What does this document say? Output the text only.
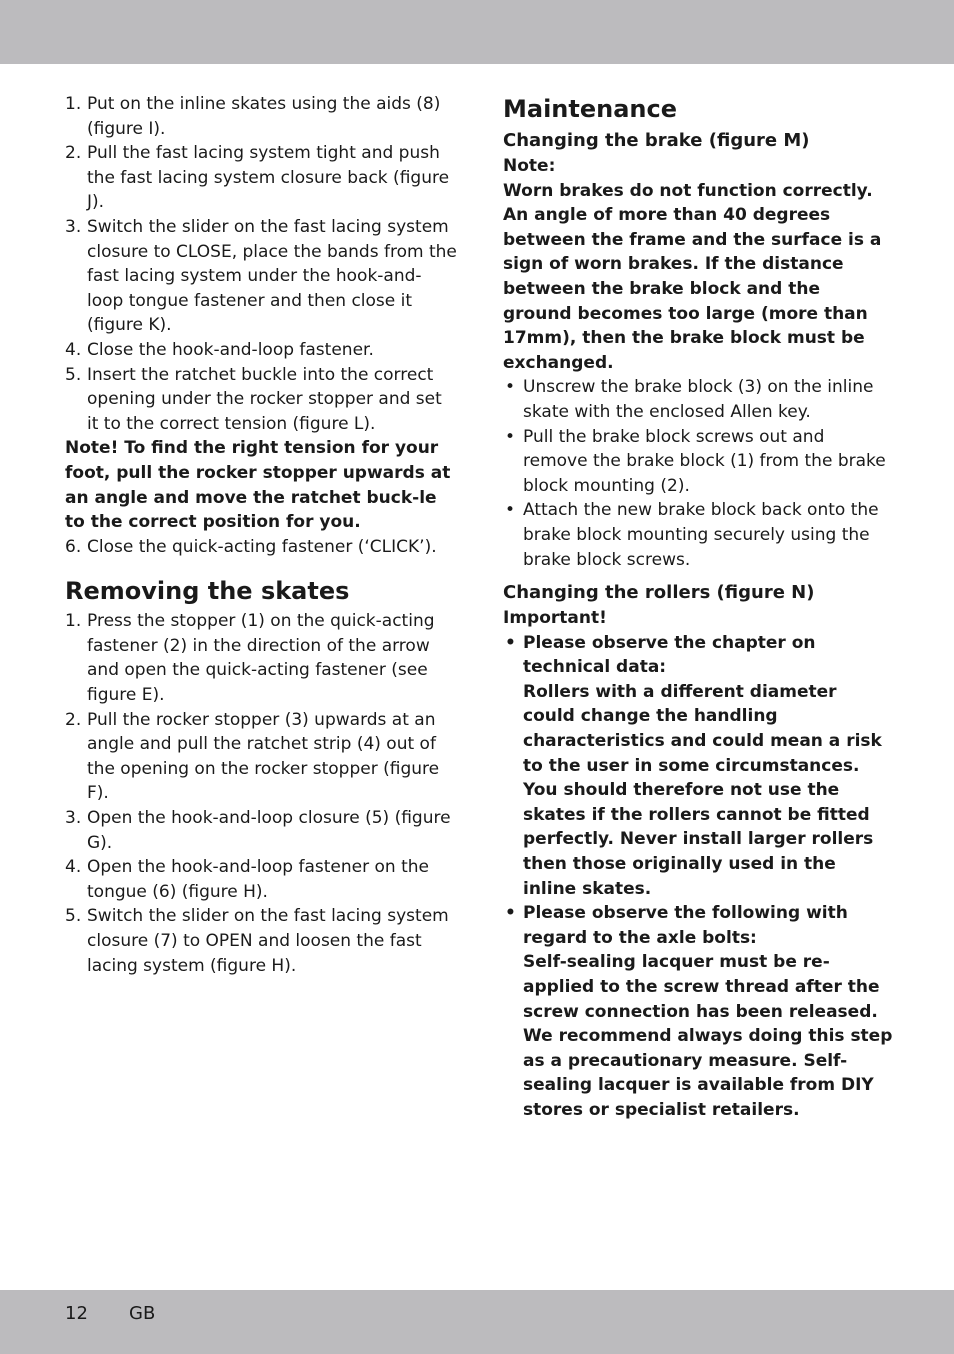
1. Put on the inline skates using the aids (8) (figure I).
2. Pull the fast lacing system tight and push the fast lacing system closure back (figure J).
3. Switch the slider on the fast lacing system closure to CLOSE, place the bands from the fast lacing system under the hook-and-loop tongue fastener and then close it (figure K).
4. Close the hook-and-loop fastener.
5. Insert the ratchet buckle into the correct opening under the rocker stopper and set it to the correct tension (figure L).

Note! To find the right tension for your foot, pull the rocker stopper upwards at an angle and move the ratchet buck-le to the correct position for you.

6. Close the quick-acting fastener (‘CLICK’).
Removing the skates
1. Press the stopper (1) on the quick-acting fastener (2) in the direction of the arrow and open the quick-acting fastener (see figure E).
2. Pull the rocker stopper (3) upwards at an angle and pull the ratchet strip (4) out of the opening on the rocker stopper (figure F).
3. Open the hook-and-loop closure (5) (figure G).
4. Open the hook-and-loop fastener on the tongue (6) (figure H).
5. Switch the slider on the fast lacing system closure (7) to OPEN and loosen the fast lacing system (figure H).
Maintenance
Changing the brake (figure M)

Note:

Worn brakes do not function correctly. An angle of more than 40 degrees between the frame and the surface is a sign of worn brakes. If the distance between the brake block and the ground becomes too large (more than 17mm), then the brake block must be exchanged.

• Unscrew the brake block (3) on the inline skate with the enclosed Allen key.
• Pull the brake block screws out and remove the brake block (1) from the brake block mounting (2).
• Attach the new brake block back onto the brake block mounting securely using the brake block screws.
Changing the rollers (figure N)

Important!

• Please observe the chapter on technical data:
Rollers with a different diameter could change the handling characteristics and could mean a risk to the user in some circumstances. You should therefore not use the skates if the rollers cannot be fitted perfectly. Never install larger rollers then those originally used in the inline skates.
• Please observe the following with regard to the axle bolts:
Self-sealing lacquer must be re-applied to the screw thread after the screw connection has been released. We recommend always doing this step as a precautionary measure. Self-sealing lacquer is available from DIY stores or specialist retailers.
12 GB
